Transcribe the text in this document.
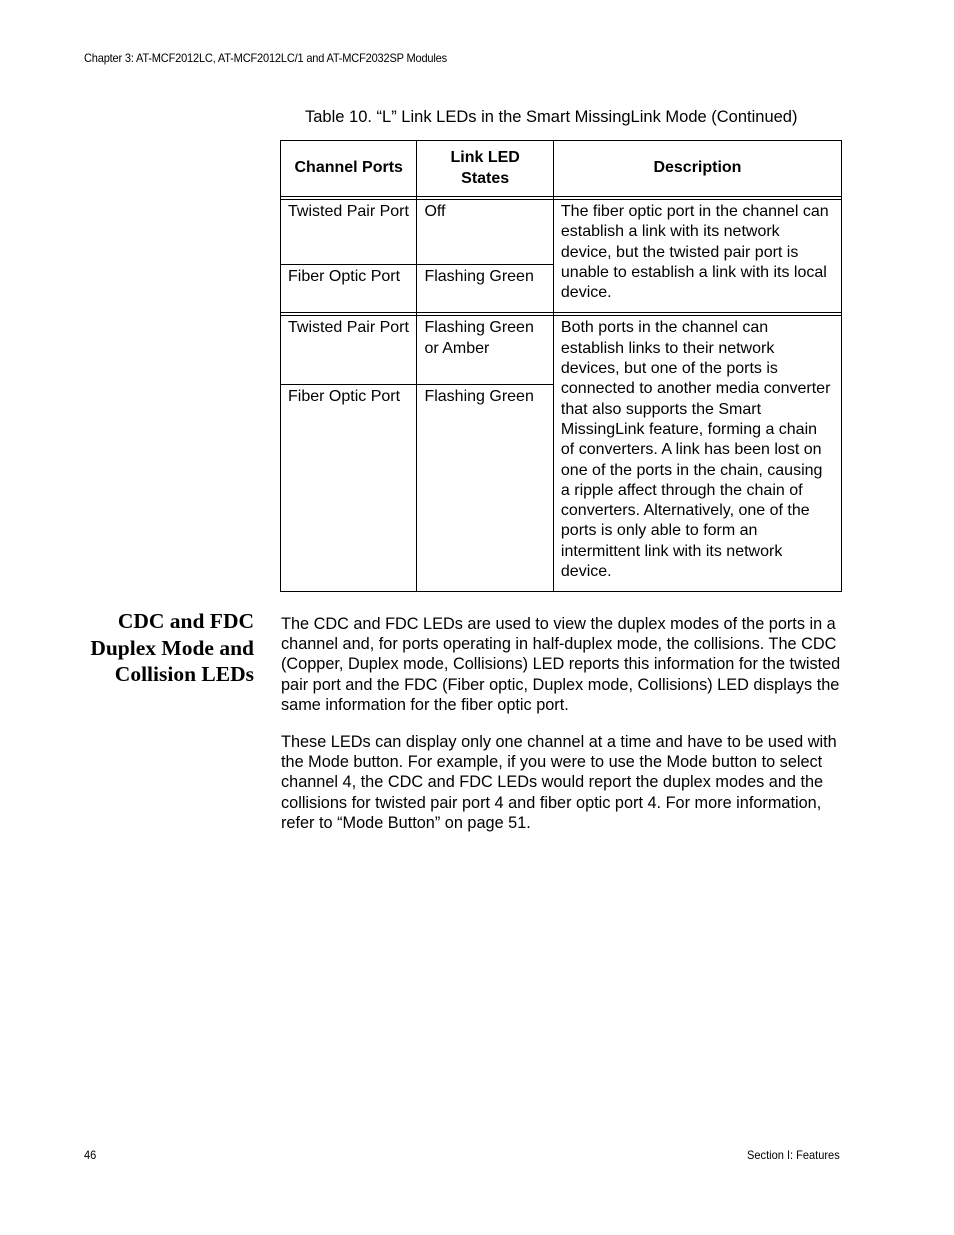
Chapter 3: AT-MCF2012LC, AT-MCF2012LC/1 and AT-MCF2032SP Modules
Table 10. “L” Link LEDs in the Smart MissingLink Mode (Continued)
Channel Ports	Link LED States	Description

Twisted Pair Port	Off	The fiber optic port in the channel can establish a link with its network device, but the twisted pair port is unable to establish a link with its local device.
Fiber Optic Port	Flashing Green	

Twisted Pair Port	Flashing Green or Amber	Both ports in the channel can establish links to their network devices, but one of the ports is connected to another media converter that also supports the Smart MissingLink feature, forming a chain of converters. A link has been lost on one of the ports in the chain, causing a ripple affect through the chain of converters. Alternatively, one of the ports is only able to form an intermittent link with its network device.
Fiber Optic Port	Flashing Green	
CDC and FDC Duplex Mode and Collision LEDs

The CDC and FDC LEDs are used to view the duplex modes of the ports in a channel and, for ports operating in half-duplex mode, the collisions. The CDC (Copper, Duplex mode, Collisions) LED reports this information for the twisted pair port and the FDC (Fiber optic, Duplex mode, Collisions) LED displays the same information for the fiber optic port.

These LEDs can display only one channel at a time and have to be used with the Mode button. For example, if you were to use the Mode button to select channel 4, the CDC and FDC LEDs would report the duplex modes and the collisions for twisted pair port 4 and fiber optic port 4. For more information, refer to “Mode Button” on page 51.

46	Section I: Features
